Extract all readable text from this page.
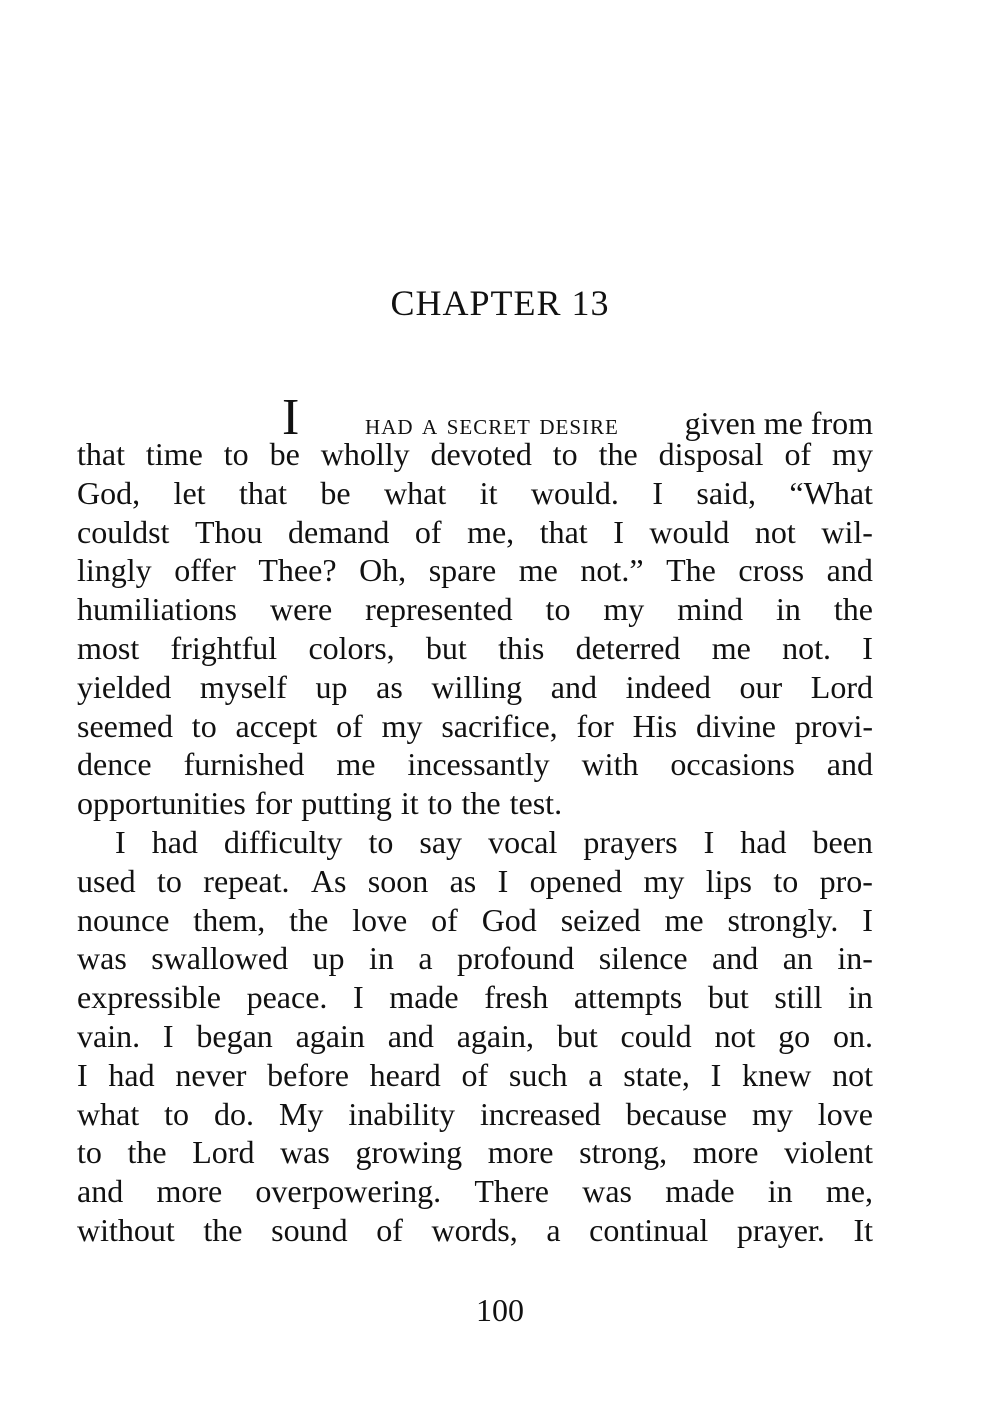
CHAPTER 13
I had a secret desire given me from
that time to be wholly devoted to the disposal of my
God, let that be what it would. I said, “What
couldst Thou demand of me, that I would not wil-
lingly offer Thee? Oh, spare me not.” The cross and
humiliations were represented to my mind in the
most frightful colors, but this deterred me not. I
yielded myself up as willing and indeed our Lord
seemed to accept of my sacrifice, for His divine provi-
dence furnished me incessantly with occasions and
opportunities for putting it to the test.
I had difficulty to say vocal prayers I had been
used to repeat. As soon as I opened my lips to pro-
nounce them, the love of God seized me strongly. I
was swallowed up in a profound silence and an in-
expressible peace. I made fresh attempts but still in
vain. I began again and again, but could not go on.
I had never before heard of such a state, I knew not
what to do. My inability increased because my love
to the Lord was growing more strong, more violent
and more overpowering. There was made in me,
without the sound of words, a continual prayer. It

100
